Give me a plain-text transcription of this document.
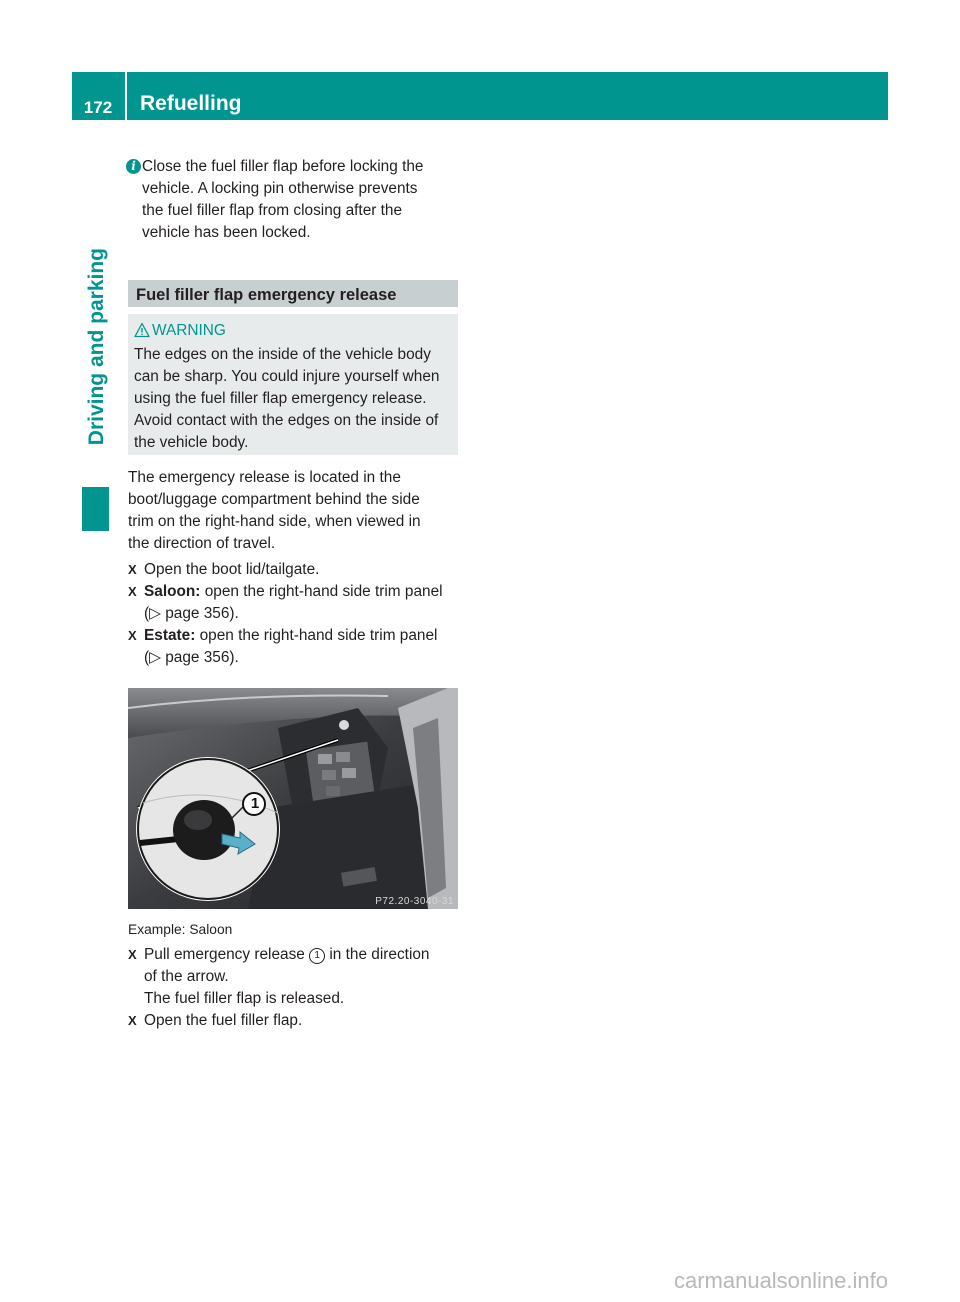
172	Refuelling
Driving and parking
i Close the fuel filler flap before locking the
vehicle. A locking pin otherwise prevents
the fuel filler flap from closing after the
vehicle has been locked.
Fuel filler flap emergency release
WARNING
The edges on the inside of the vehicle body
can be sharp. You could injure yourself when
using the fuel filler flap emergency release.
Avoid contact with the edges on the inside of
the vehicle body.
The emergency release is located in the
boot/luggage compartment behind the side
trim on the right-hand side, when viewed in
the direction of travel.
X Open the boot lid/tailgate.
X Saloon: open the right-hand side trim panel
(▷ page 356).
X Estate: open the right-hand side trim panel
(▷ page 356).
1
P72.20-3040-31
Example: Saloon
X Pull emergency release 1 in the direction
of the arrow.
The fuel filler flap is released.
X Open the fuel filler flap.
carmanualsonline.info
